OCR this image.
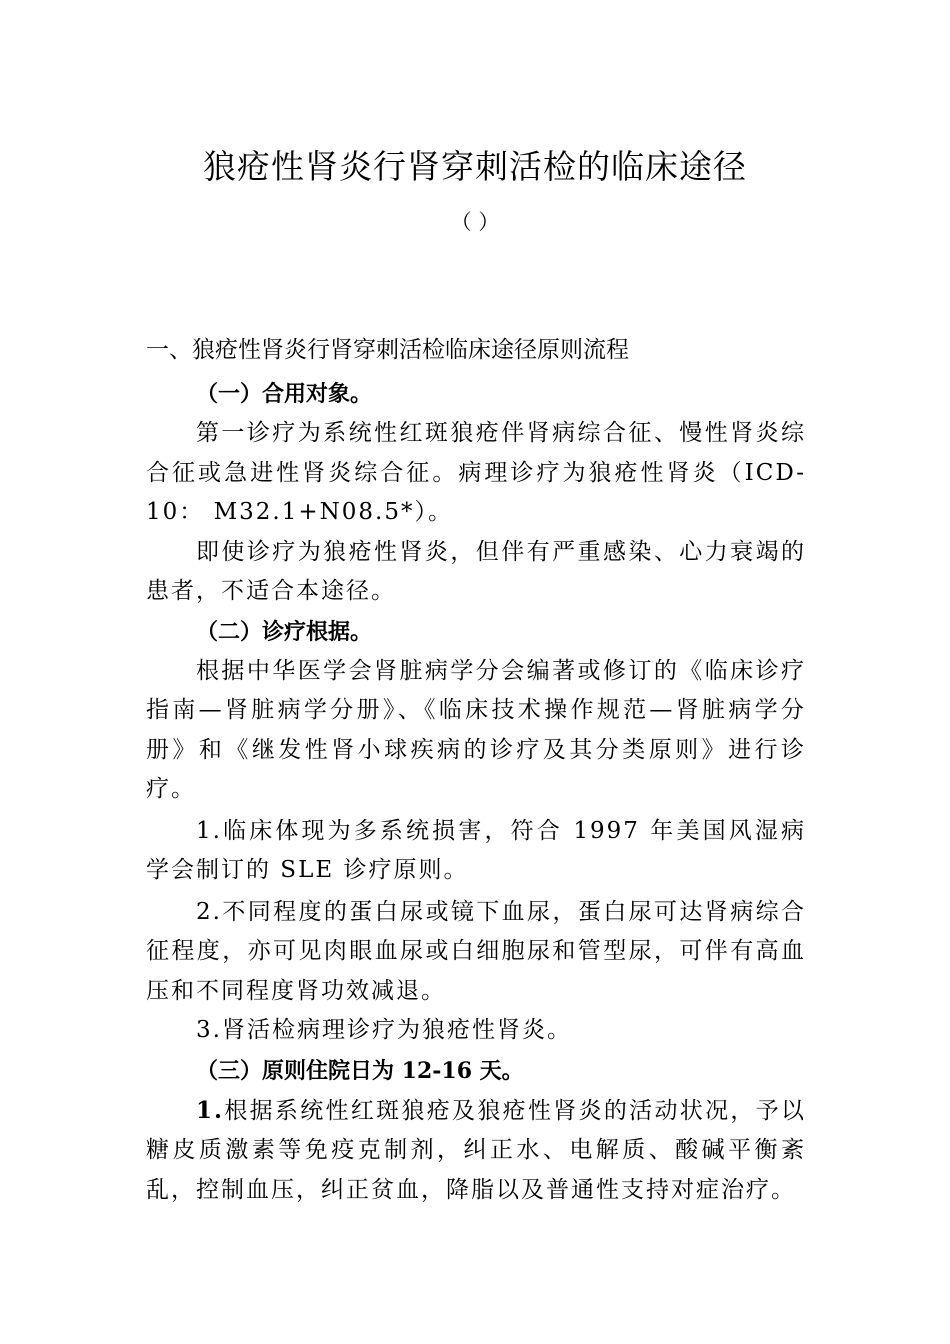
狼疮性肾炎行肾穿刺活检的临床途径
（ ）
一、狼疮性肾炎行肾穿刺活检临床途径原则流程
（一）合用对象。

第一诊疗为系统性红斑狼疮伴肾病综合征、慢性肾炎综合征或急进性肾炎综合征。病理诊疗为狼疮性肾炎（ICD-10： M32.1+N08.5*）。

即使诊疗为狼疮性肾炎，但伴有严重感染、心力衰竭的患者，不适合本途径。

（二）诊疗根据。

根据中华医学会肾脏病学分会编著或修订的《临床诊疗指南—肾脏病学分册》、《临床技术操作规范—肾脏病学分册》和《继发性肾小球疾病的诊疗及其分类原则》进行诊疗。

1.临床体现为多系统损害，符合 1997 年美国风湿病学会制订的 SLE 诊疗原则。

2.不同程度的蛋白尿或镜下血尿，蛋白尿可达肾病综合征程度，亦可见肉眼血尿或白细胞尿和管型尿，可伴有高血压和不同程度肾功效减退。

3.肾活检病理诊疗为狼疮性肾炎。

（三）原则住院日为 12-16 天。

1.根据系统性红斑狼疮及狼疮性肾炎的活动状况，予以糖皮质激素等免疫克制剂，纠正水、电解质、酸碱平衡紊乱，控制血压，纠正贫血，降脂以及普通性支持对症治疗。
